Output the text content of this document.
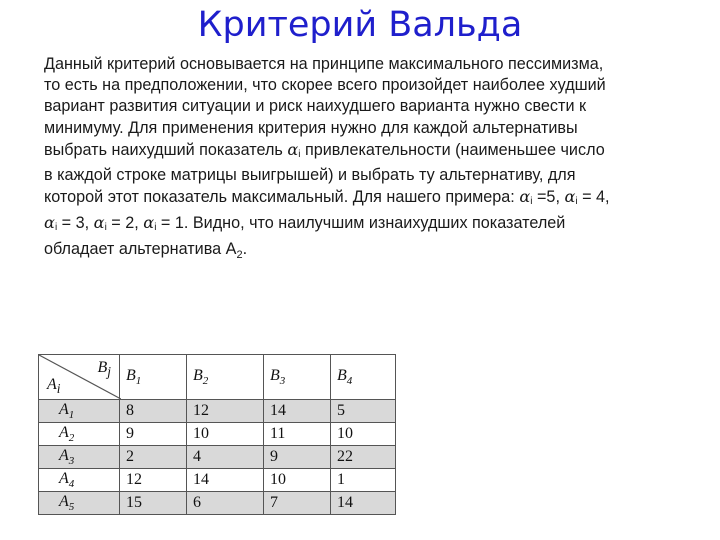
Критерий Вальда
Данный критерий основывается на принципе максимального пессимизма,
то есть на предположении, что скорее всего произойдет наиболее худший
вариант развития ситуации и риск наихудшего варианта нужно свести к
минимуму. Для применения критерия нужно для каждой альтернативы
выбрать наихудший показатель αi привлекательности (наименьшее число
в каждой строке матрицы выигрышей) и выбрать ту альтернативу, для
которой этот показатель максимальный. Для нашего примера: αi =5, αi = 4,
αi = 3, αi = 2, αi = 1. Видно, что наилучшим изнаихудших показателей
обладает альтернатива $А_2$.
$B_j$
$A_i$	$B_1$	$B_2$	$B_3$	$B_4$
$A_1$	8	12	14	5
$A_2$	9	10	11	10
$A_3$	2	4	9	22
$A_4$	12	14	10	1
$A_5$	15	6	7	14
